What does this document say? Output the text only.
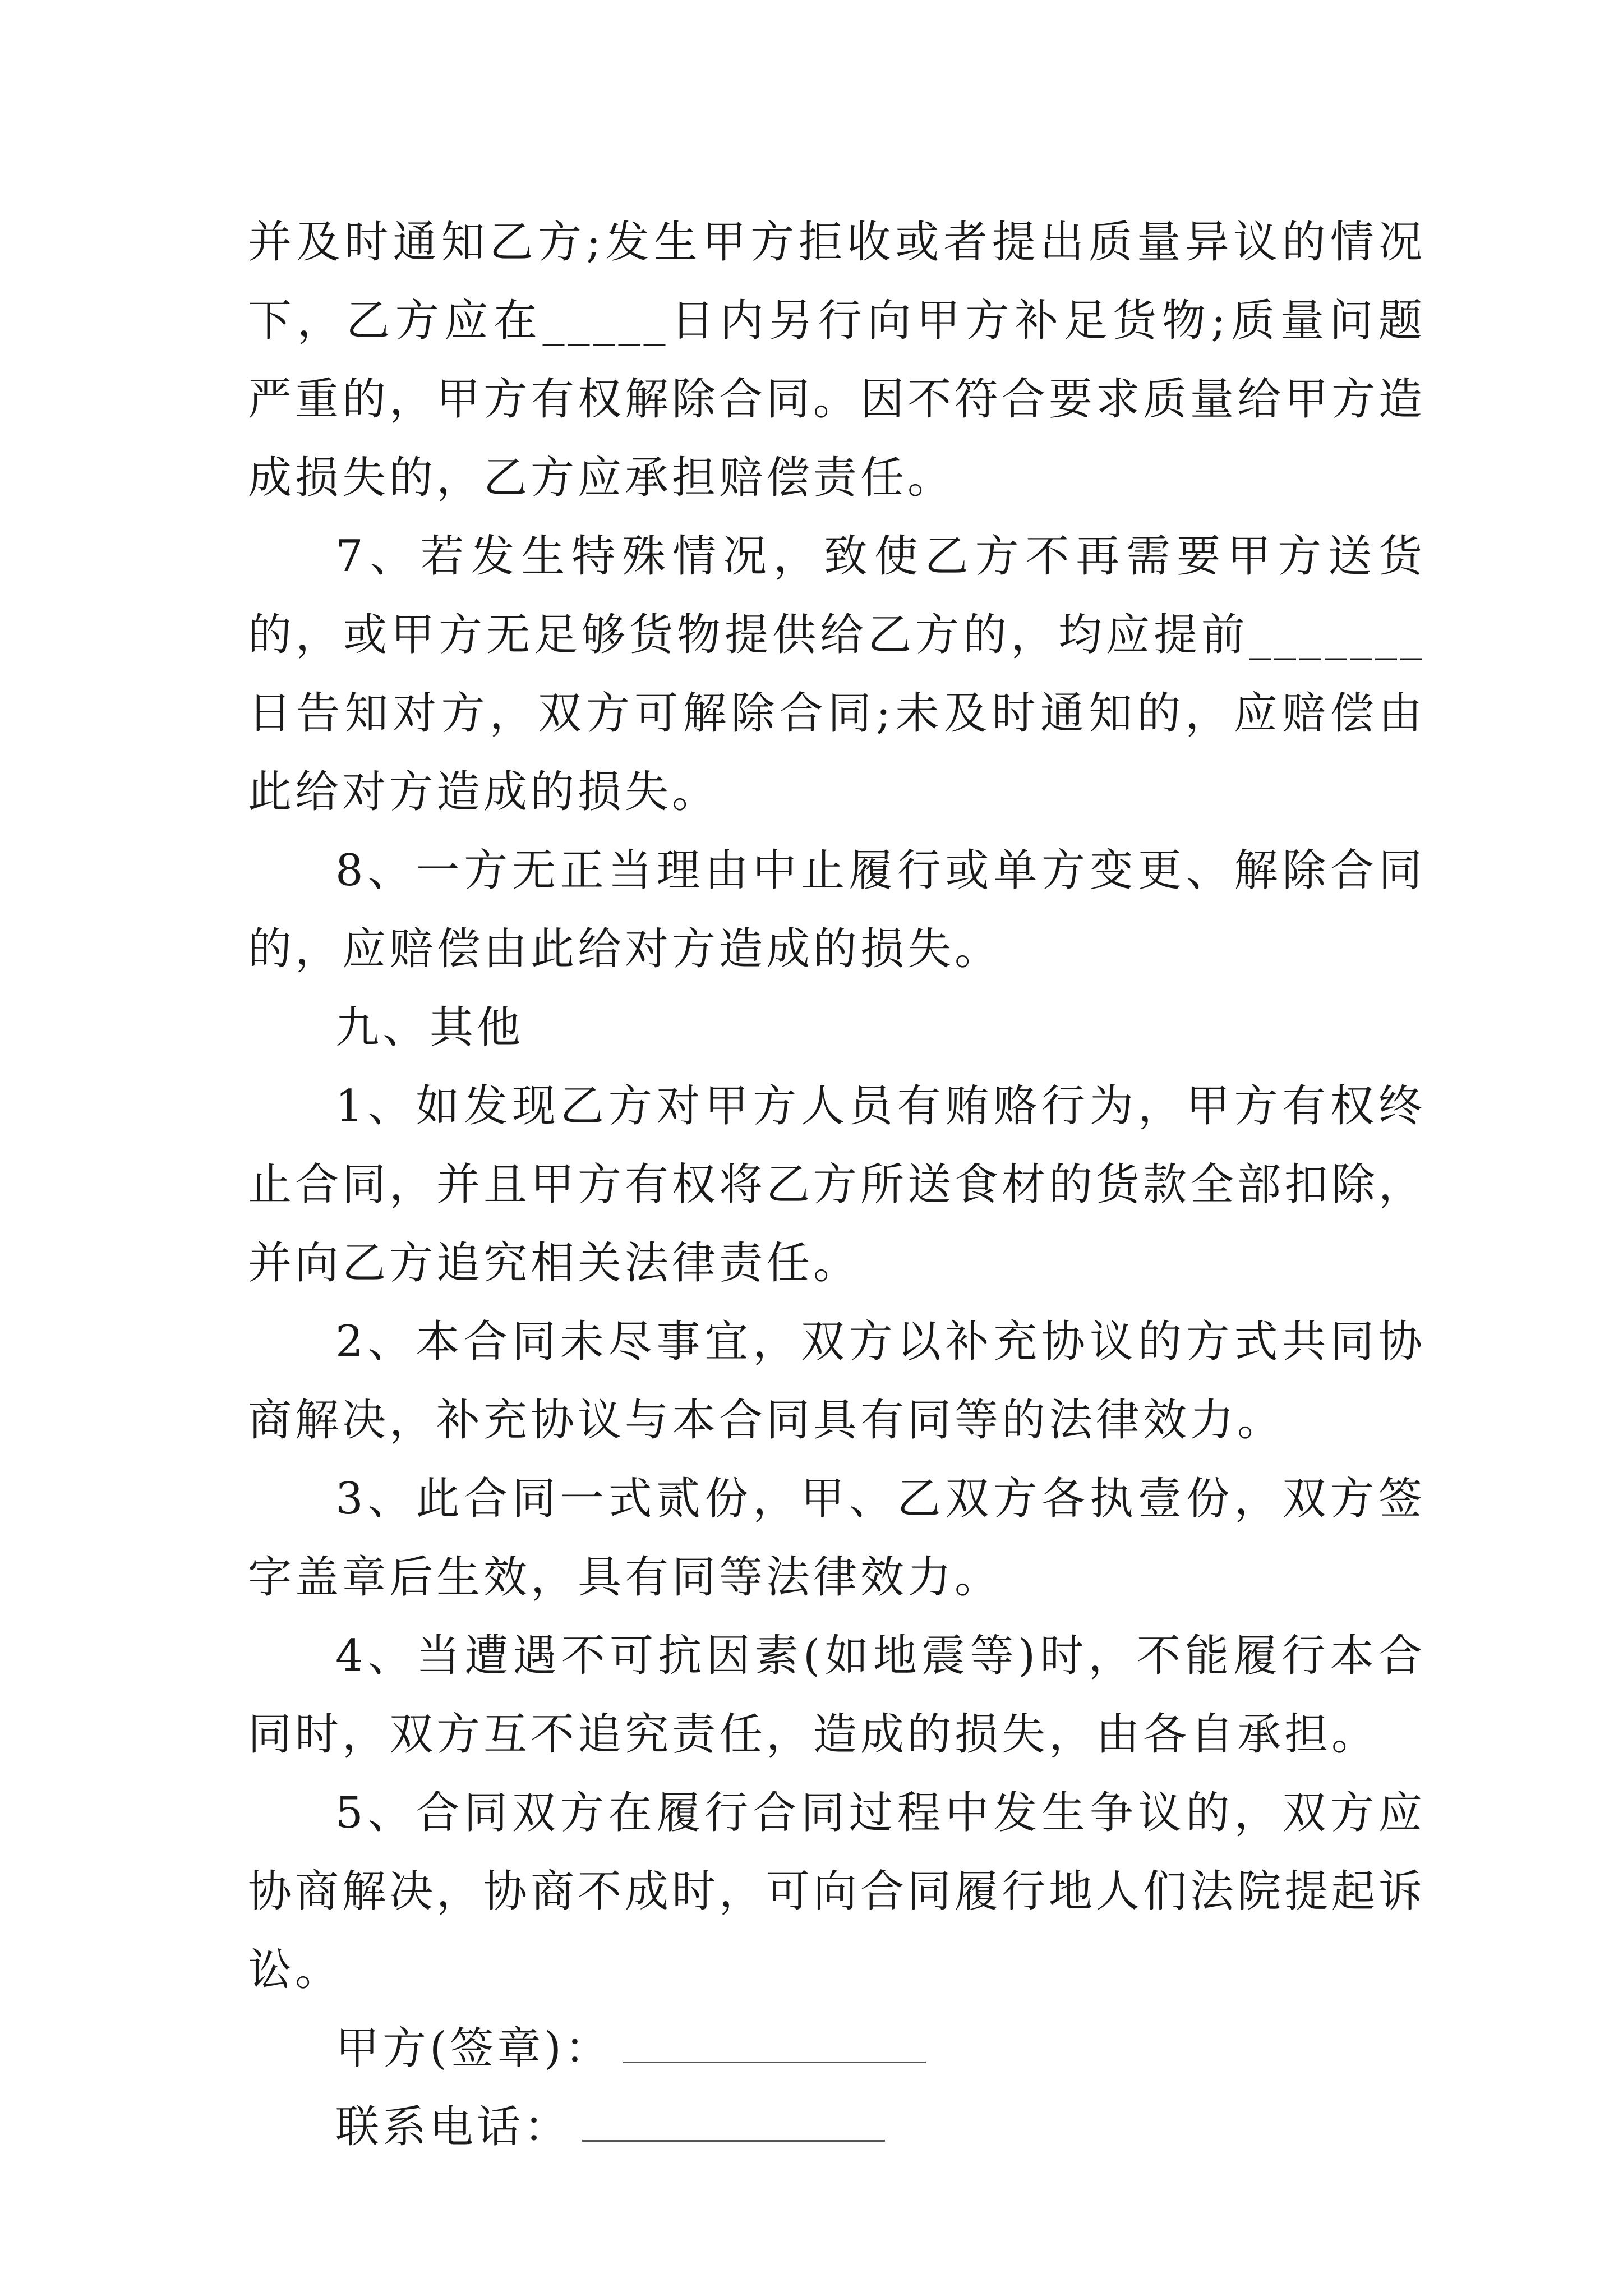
并及时通知乙方;发生甲方拒收或者提出质量异议的情况下，乙方应在_____日内另行向甲方补足货物;质量问题严重的，甲方有权解除合同。因不符合要求质量给甲方造成损失的，乙方应承担赔偿责任。

7、若发生特殊情况，致使乙方不再需要甲方送货的，或甲方无足够货物提供给乙方的，均应提前_______日告知对方，双方可解除合同;未及时通知的，应赔偿由此给对方造成的损失。

8、一方无正当理由中止履行或单方变更、解除合同的，应赔偿由此给对方造成的损失。

九、其他

1、如发现乙方对甲方人员有贿赂行为，甲方有权终止合同，并且甲方有权将乙方所送食材的货款全部扣除，并向乙方追究相关法律责任。

2、本合同未尽事宜，双方以补充协议的方式共同协商解决，补充协议与本合同具有同等的法律效力。

3、此合同一式贰份，甲、乙双方各执壹份，双方签字盖章后生效，具有同等法律效力。

4、当遭遇不可抗因素(如地震等)时，不能履行本合同时，双方互不追究责任，造成的损失，由各自承担。

5、合同双方在履行合同过程中发生争议的，双方应协商解决，协商不成时，可向合同履行地人们法院提起诉讼。

甲方(签章)：

联系电话：
